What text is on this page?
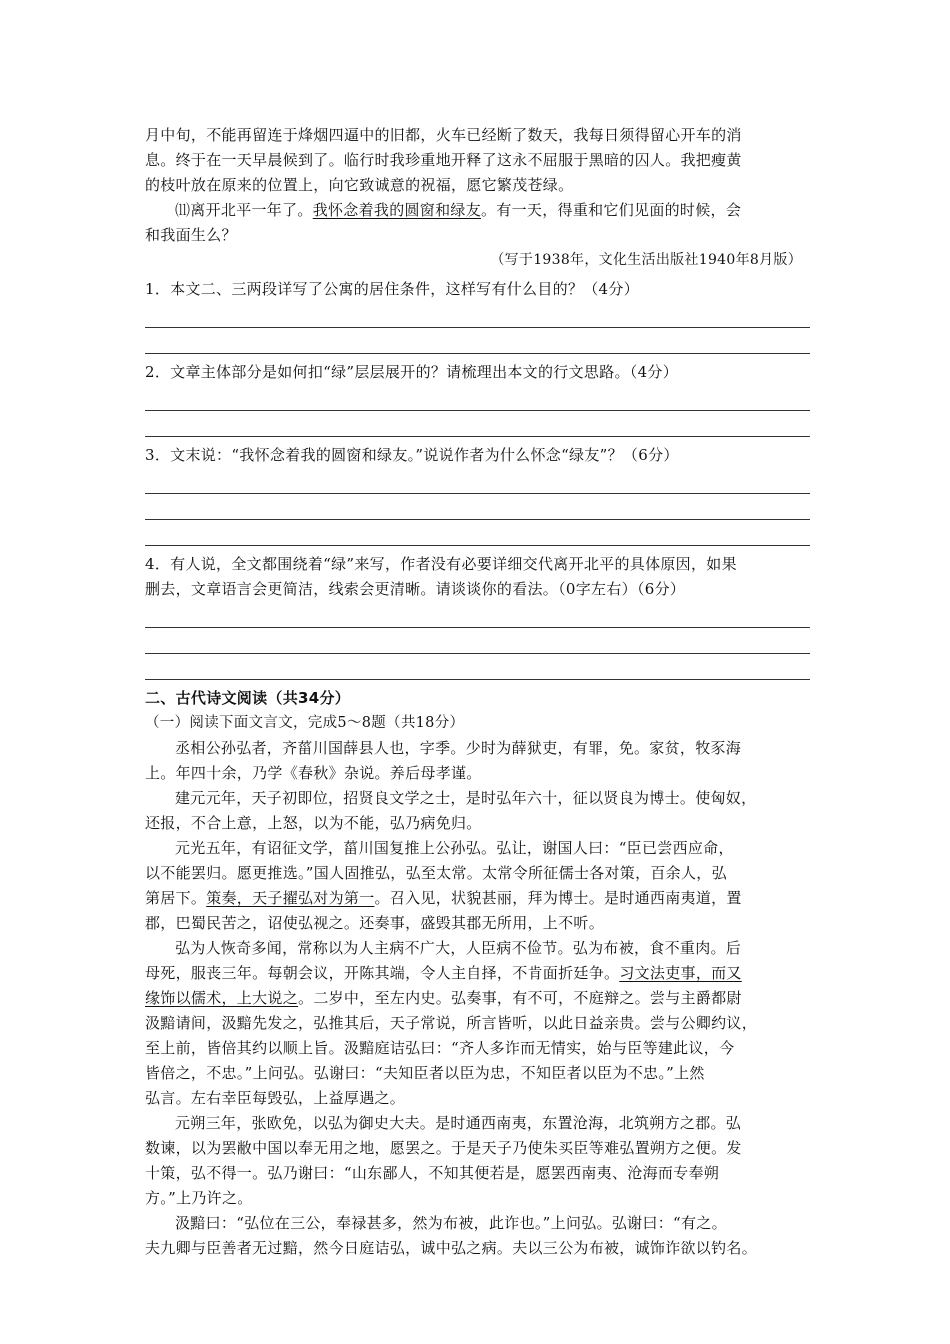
月中旬，不能再留连于烽烟四逼中的旧都，火车已经断了数天，我每日须得留心开车的消
息。终于在一天早晨候到了。临行时我珍重地开释了这永不屈服于黑暗的囚人。我把瘦黄
的枝叶放在原来的位置上，向它致诚意的祝福，愿它繁茂苍绿。

⑾离开北平一年了。我怀念着我的圆窗和绿友。有一天，得重和它们见面的时候，会
和我面生么？

（写于1938年，文化生活出版社1940年8月版）

1．本文二、三两段详写了公寓的居住条件，这样写有什么目的？（4分）

2．文章主体部分是如何扣“绿”层层展开的？请梳理出本文的行文思路。（4分）

3．文末说：“我怀念着我的圆窗和绿友。”说说作者为什么怀念“绿友”？（6分）

4．有人说，全文都围绕着“绿”来写，作者没有必要详细交代离开北平的具体原因，如果
删去，文章语言会更简洁，线索会更清晰。请谈谈你的看法。（0字左右）（6分）

二、古代诗文阅读（共34分）

（一）阅读下面文言文，完成5～8题（共18分）

丞相公孙弘者，齐菑川国薛县人也，字季。少时为薛狱吏，有罪，免。家贫，牧豕海
上。年四十余，乃学《春秋》杂说。养后母孝谨。

建元元年，天子初即位，招贤良文学之士，是时弘年六十，征以贤良为博士。使匈奴，
还报，不合上意，上怒，以为不能，弘乃病免归。

元光五年，有诏征文学，菑川国复推上公孙弘。弘让，谢国人曰：“臣已尝西应命，
以不能罢归。愿更推选。”国人固推弘，弘至太常。太常令所征儒士各对策，百余人，弘
第居下。策奏，天子擢弘对为第一。召入见，状貌甚丽，拜为博士。是时通西南夷道，置
郡，巴蜀民苦之，诏使弘视之。还奏事，盛毁其郡无所用，上不听。

弘为人恢奇多闻，常称以为人主病不广大，人臣病不俭节。弘为布被，食不重肉。后
母死，服丧三年。每朝会议，开陈其端，令人主自择，不肯面折廷争。习文法吏事，而又
缘饰以儒术，上大说之。二岁中，至左内史。弘奏事，有不可，不庭辩之。尝与主爵都尉
汲黯请间，汲黯先发之，弘推其后，天子常说，所言皆听，以此日益亲贵。尝与公卿约议，
至上前，皆倍其约以顺上旨。汲黯庭诘弘曰：“齐人多诈而无情实，始与臣等建此议，今
皆倍之，不忠。”上问弘。弘谢曰：“夫知臣者以臣为忠，不知臣者以臣为不忠。”上然
弘言。左右幸臣每毁弘，上益厚遇之。

元朔三年，张欧免，以弘为御史大夫。是时通西南夷，东置沧海，北筑朔方之郡。弘
数谏，以为罢敝中国以奉无用之地，愿罢之。于是天子乃使朱买臣等难弘置朔方之便。发
十策，弘不得一。弘乃谢曰：“山东鄙人，不知其便若是，愿罢西南夷、沧海而专奉朔
方。”上乃许之。

汲黯曰：“弘位在三公，奉禄甚多，然为布被，此诈也。”上问弘。弘谢曰：“有之。
夫九卿与臣善者无过黯，然今日庭诘弘，诚中弘之病。夫以三公为布被，诚饰诈欲以钓名。
